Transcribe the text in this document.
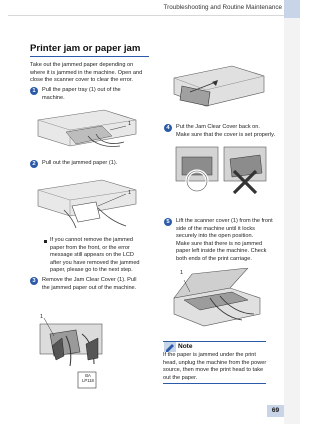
Troubleshooting and Routine Maintenance
Printer jam or paper jam
Take out the jammed paper depending on
where it is jammed in the machine. Open and
close the scanner cover to clear the error.
1	Pull the paper tray (1) out of the
machine.
1
2	Pull out the jammed paper (1).
1
If you cannot remove the jammed
paper from the front, or the error
message still appears on the LCD
after you have removed the jammed
paper, please go to the next step.
3	Remove the Jam Clear Cover (1). Pull
the jammed paper out of the machine.
1
BA
LP118
4	Put the Jam Clear Cover back on.
Make sure that the cover is set properly.
5	Lift the scanner cover (1) from the front
side of the machine until it locks
securely into the open position.
Make sure that there is no jammed
paper left inside the machine. Check
both ends of the print carriage.
1
Note
If the paper is jammed under the print
head, unplug the machine from the power
source, then move the print head to take
out the paper.
69
